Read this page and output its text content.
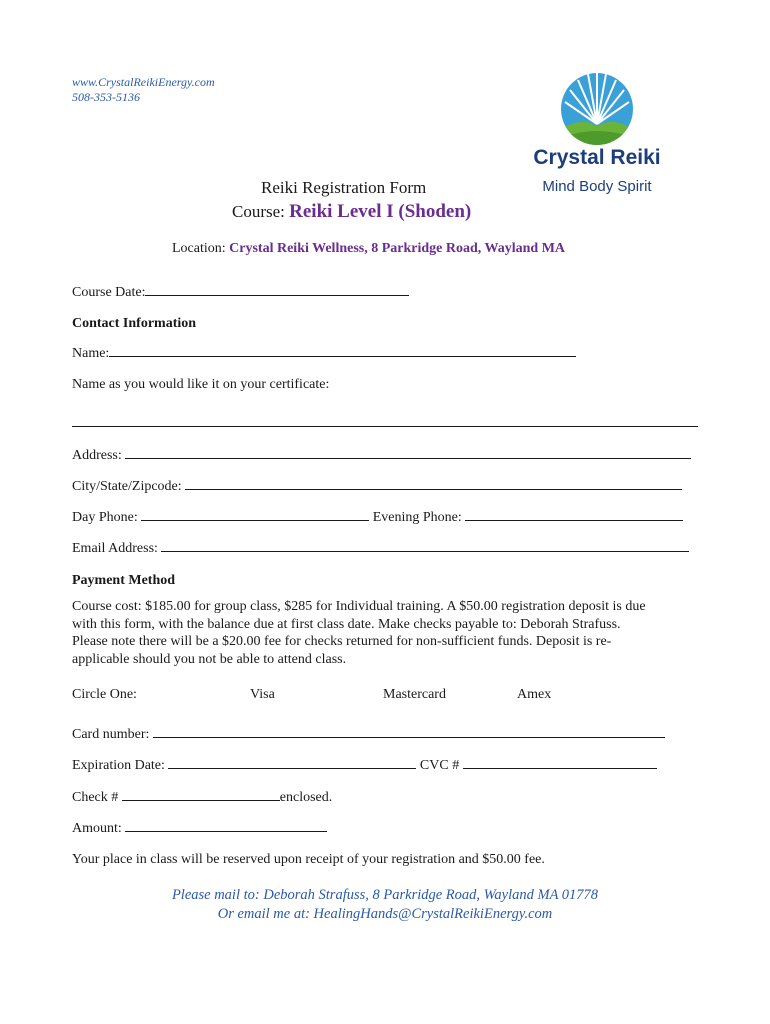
www.CrystalReikiEnergy.com
508-353-5136
Crystal Reiki
Mind Body Spirit
Reiki Registration Form
Course: Reiki Level I (Shoden)
Location: Crystal Reiki Wellness, 8 Parkridge Road, Wayland MA
Course Date:
Contact Information
Name:
Name as you would like it on your certificate:
Address:
City/State/Zipcode:
Day Phone:	Evening Phone:
Email Address:
Payment Method
Course cost: $185.00 for group class, $285 for Individual training. A $50.00 registration deposit is due
with this form, with the balance due at first class date. Make checks payable to: Deborah Strafuss.
Please note there will be a $20.00 fee for checks returned for non-sufficient funds. Deposit is re-
applicable should you not be able to attend class.
Circle One:	Visa	Mastercard	Amex
Card number:
Expiration Date:	CVC #
Check #	enclosed.
Amount:
Your place in class will be reserved upon receipt of your registration and $50.00 fee.
Please mail to: Deborah Strafuss, 8 Parkridge Road, Wayland MA 01778
Or email me at: HealingHands@CrystalReikiEnergy.com
